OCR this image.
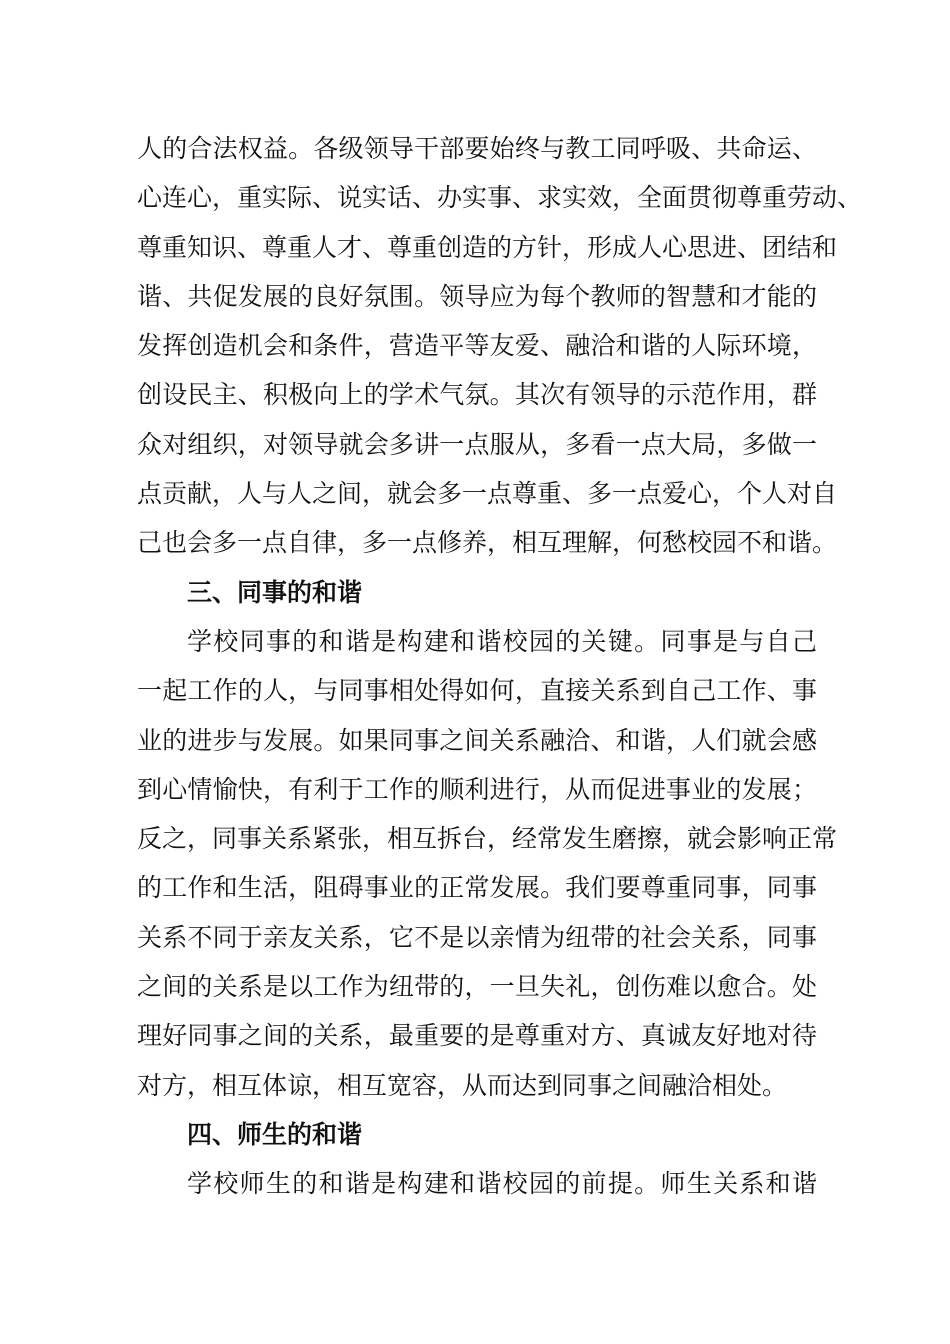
人的合法权益。各级领导干部要始终与教工同呼吸、共命运、
心连心，重实际、说实话、办实事、求实效，全面贯彻尊重劳动、
尊重知识、尊重人才、尊重创造的方针，形成人心思进、团结和
谐、共促发展的良好氛围。领导应为每个教师的智慧和才能的
发挥创造机会和条件，营造平等友爱、融洽和谐的人际环境，
创设民主、积极向上的学术气氛。其次有领导的示范作用，群
众对组织，对领导就会多讲一点服从，多看一点大局，多做一
点贡献，人与人之间，就会多一点尊重、多一点爱心，个人对自
己也会多一点自律，多一点修养，相互理解，何愁校园不和谐。
三、同事的和谐
学校同事的和谐是构建和谐校园的关键。同事是与自己
一起工作的人，与同事相处得如何，直接关系到自己工作、事
业的进步与发展。如果同事之间关系融洽、和谐，人们就会感
到心情愉快，有利于工作的顺利进行，从而促进事业的发展；
反之，同事关系紧张，相互拆台，经常发生磨擦，就会影响正常
的工作和生活，阻碍事业的正常发展。我们要尊重同事，同事
关系不同于亲友关系，它不是以亲情为纽带的社会关系，同事
之间的关系是以工作为纽带的，一旦失礼，创伤难以愈合。处
理好同事之间的关系，最重要的是尊重对方、真诚友好地对待
对方，相互体谅，相互宽容，从而达到同事之间融洽相处。
四、师生的和谐
学校师生的和谐是构建和谐校园的前提。师生关系和谐
